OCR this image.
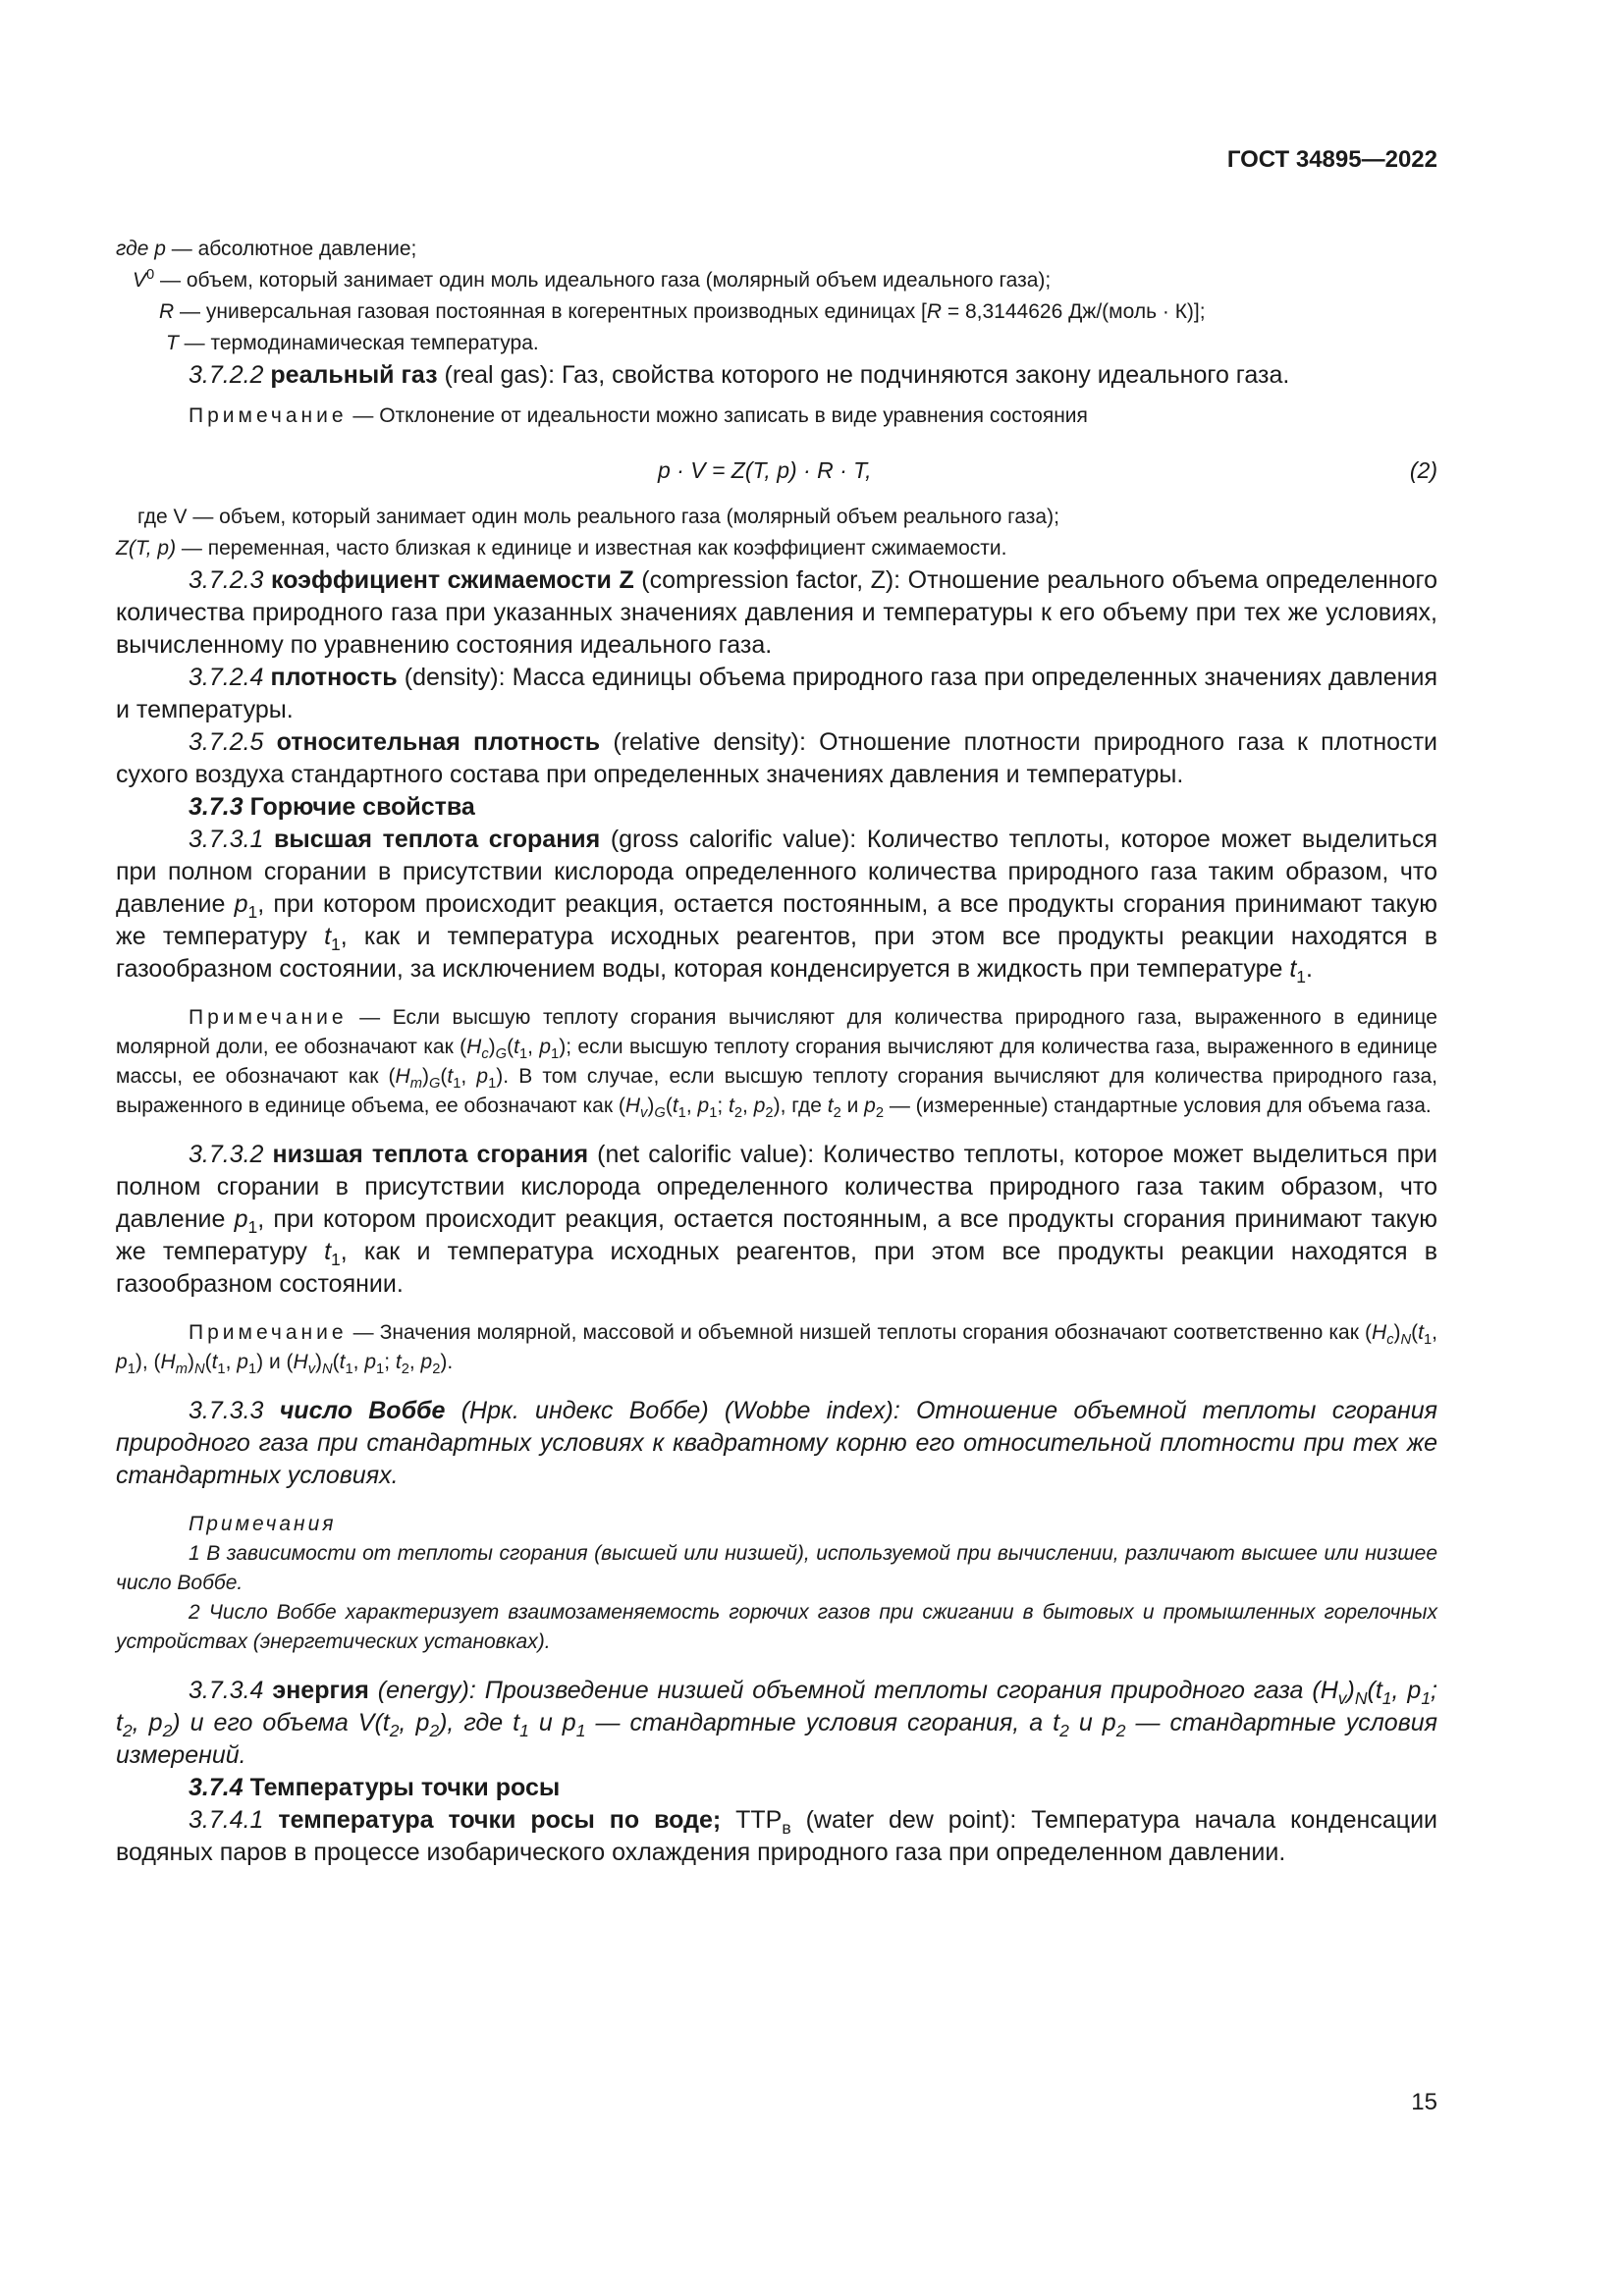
ГОСТ 34895—2022

где p — абсолютное давление;

$V^0$ — объем, который занимает один моль идеального газа (молярный объем идеального газа);

R — универсальная газовая постоянная в когерентных производных единицах [R = 8,3144626 Дж/(моль · К)];

T — термодинамическая температура.

3.7.2.2 реальный газ (real gas): Газ, свойства которого не подчиняются закону идеального газа.

Примечание — Отклонение от идеальности можно записать в виде уравнения состояния

p · V = Z(T, p) · R · T,	(2)

где V — объем, который занимает один моль реального газа (молярный объем реального газа);

Z(T, p) — переменная, часто близкая к единице и известная как коэффициент сжимаемости.

3.7.2.3 коэффициент сжимаемости Z (compression factor, Z): Отношение реального объема определенного количества природного газа при указанных значениях давления и температуры к его объему при тех же условиях, вычисленному по уравнению состояния идеального газа.

3.7.2.4 плотность (density): Масса единицы объема природного газа при определенных значениях давления и температуры.

3.7.2.5 относительная плотность (relative density): Отношение плотности природного газа к плотности сухого воздуха стандартного состава при определенных значениях давления и температуры.

3.7.3 Горючие свойства

3.7.3.1 высшая теплота сгорания (gross calorific value): Количество теплоты, которое может выделиться при полном сгорании в присутствии кислорода определенного количества природного газа таким образом, что давление $p_1$, при котором происходит реакция, остается постоянным, а все продукты сгорания принимают такую же температуру $t_1$, как и температура исходных реагентов, при этом все продукты реакции находятся в газообразном состоянии, за исключением воды, которая конденсируется в жидкость при температуре $t_1$.

Примечание — Если высшую теплоту сгорания вычисляют для количества природного газа, выраженного в единице молярной доли, ее обозначают как $(H_c)_G(t_1$, $p_1$); если высшую теплоту сгорания вычисляют для количества газа, выраженного в единице массы, ее обозначают как $(H_m)_G(t_1$, $p_1$). В том случае, если высшую теплоту сгорания вычисляют для количества природного газа, выраженного в единице объема, ее обозначают как $(H_v)_G(t_1$, $p_1$; $t_2$, $p_2$), где $t_2$ и $p_2$ — (измеренные) стандартные условия для объема газа.

3.7.3.2 низшая теплота сгорания (net calorific value): Количество теплоты, которое может выделиться при полном сгорании в присутствии кислорода определенного количества природного газа таким образом, что давление $p_1$, при котором происходит реакция, остается постоянным, а все продукты сгорания принимают такую же температуру $t_1$, как и температура исходных реагентов, при этом все продукты реакции находятся в газообразном состоянии.

Примечание — Значения молярной, массовой и объемной низшей теплоты сгорания обозначают соответственно как $(H_c)_N(t_1$, $p_1$), $(H_m)_N(t_1$, $p_1$) и $(H_v)_N(t_1$, $p_1$; $t_2$, $p_2$).

3.7.3.3 число Воббе (Нрк. индекс Воббе) (Wobbe index): Отношение объемной теплоты сгорания природного газа при стандартных условиях к квадратному корню его относительной плотности при тех же стандартных условиях.

Примечания

1 В зависимости от теплоты сгорания (высшей или низшей), используемой при вычислении, различают высшее или низшее число Воббе.

2 Число Воббе характеризует взаимозаменяемость горючих газов при сжигании в бытовых и промышленных горелочных устройствах (энергетических установках).

3.7.3.4 энергия (energy): Произведение низшей объемной теплоты сгорания природного газа $(H_v)_N(t_1$, $p_1$; $t_2$, $p_2$) и его объема $V(t_2$, $p_2$), где $t_1$ и $p_1$ — стандартные условия сгорания, а $t_2$ и $p_2$ — стандартные условия измерений.

3.7.4 Температуры точки росы

3.7.4.1 температура точки росы по воде; $ТТР_в$ (water dew point): Температура начала конденсации водяных паров в процессе изобарического охлаждения природного газа при определенном давлении.

15
